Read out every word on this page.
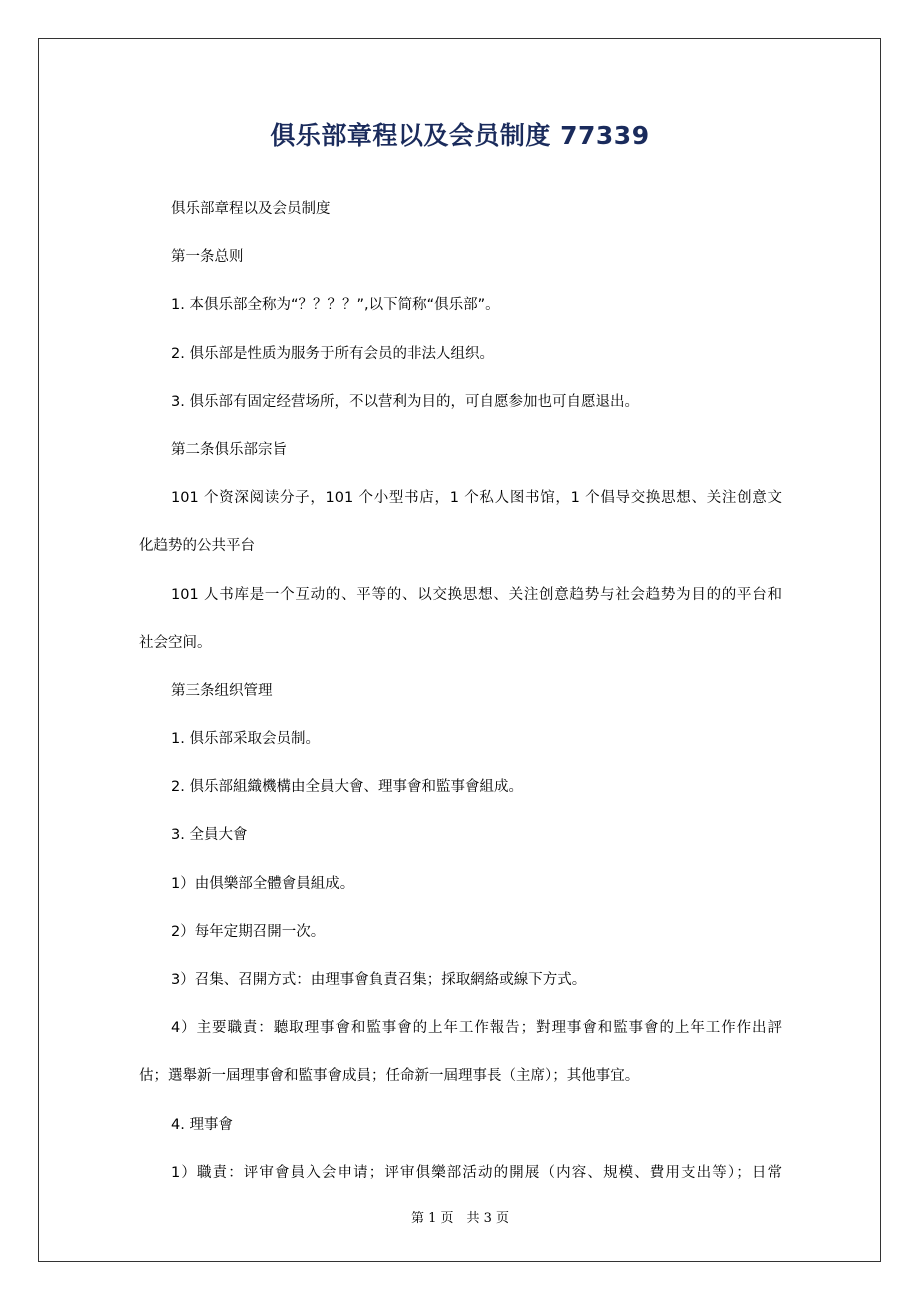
俱乐部章程以及会员制度 77339
俱乐部章程以及会员制度
第一条总则
1. 本俱乐部全称为“？？？？”,以下简称“俱乐部”。
2. 俱乐部是性质为服务于所有会员的非法人组织。
3. 俱乐部有固定经营场所，不以营利为目的，可自愿参加也可自愿退出。
第二条俱乐部宗旨
101 个资深阅读分子，101 个小型书店，1 个私人图书馆，1 个倡导交换思想、关注创意文
化趋势的公共平台
101 人书库是一个互动的、平等的、以交换思想、关注创意趋势与社会趋势为目的的平台和
社会空间。
第三条组织管理
1. 俱乐部采取会员制。
2. 俱乐部組織機構由全員大會、理事會和監事會組成。
3. 全員大會
1）由俱樂部全體會員組成。
2）每年定期召開一次。
3）召集、召開方式：由理事會負責召集；採取網絡或線下方式。
4）主要職責：聽取理事會和監事會的上年工作報告；對理事會和監事會的上年工作作出評
估；選舉新一屆理事會和監事會成員；任命新一屆理事長（主席）；其他事宜。
4. 理事會
1）職責：评审會員入会申请；评审俱樂部活动的開展（内容、規模、費用支出等）；日常
第 1 页　共 3 页
